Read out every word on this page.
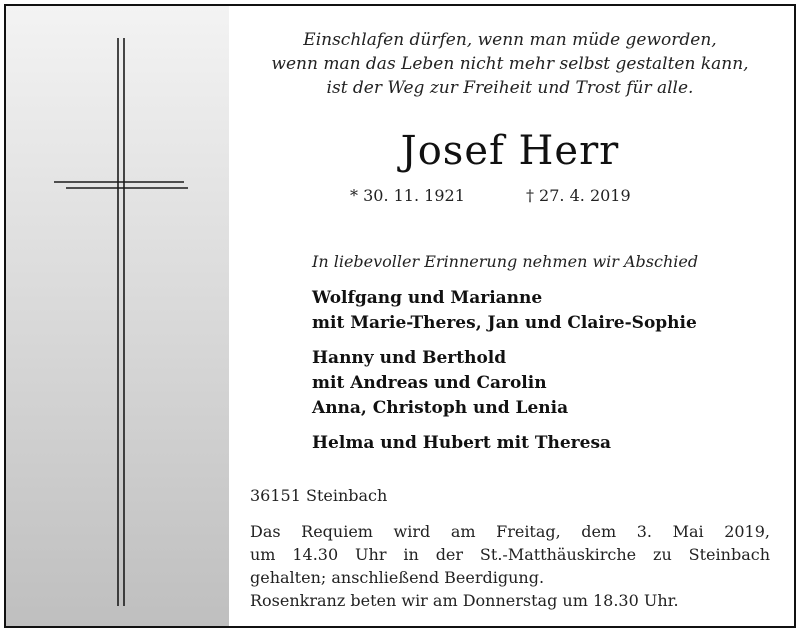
Einschlafen dürfen, wenn man müde geworden,
wenn man das Leben nicht mehr selbst gestalten kann,
ist der Weg zur Freiheit und Trost für alle.
Josef Herr
* 30. 11. 1921	† 27. 4. 2019
In liebevoller Erinnerung nehmen wir Abschied
Wolfgang und Marianne
mit Marie-Theres, Jan und Claire-Sophie
Hanny und Berthold
mit Andreas und Carolin
Anna, Christoph und Lenia
Helma und Hubert mit Theresa
36151 Steinbach
Das Requiem wird am Freitag, dem 3. Mai 2019,
um 14.30 Uhr in der St.-Matthäuskirche zu Steinbach
gehalten; anschließend Beerdigung.
Rosenkranz beten wir am Donnerstag um 18.30 Uhr.
